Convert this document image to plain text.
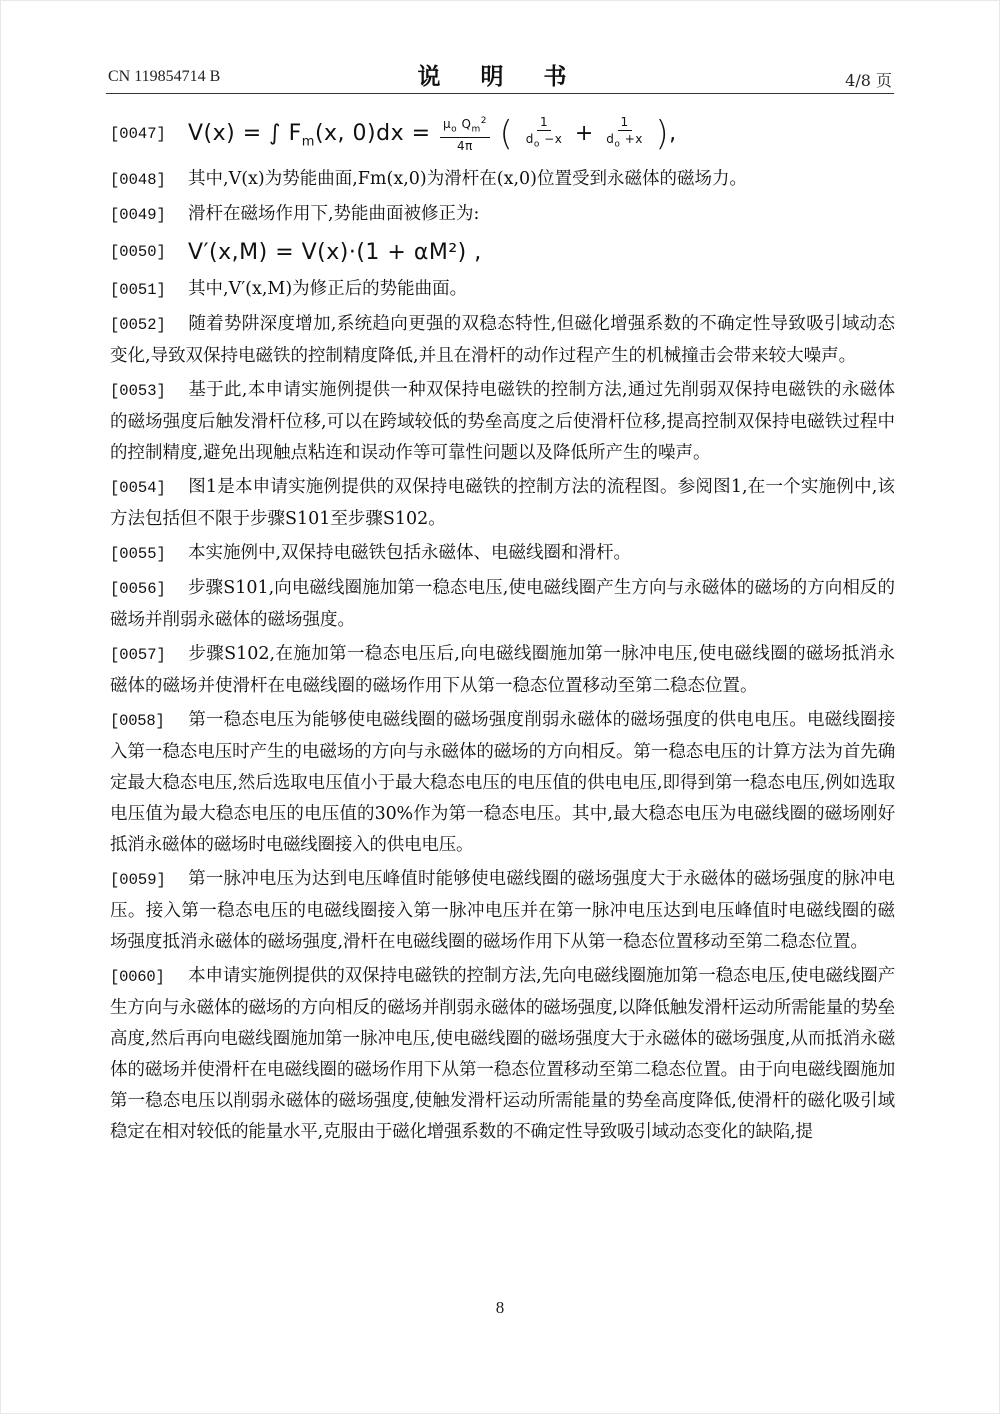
CN 119854714 B	说 明 书	4/8 页
[0047]	V(x) = ∫ $F_m(x$, $0)dx = \frac{\mu_o Q_m^2}{4\pi}$ ( $\frac{1}{d_o -x} + \frac{1}{d_o +x}$ ),
[0048] 其中,V(x)为势能曲面,Fm(x,0)为滑杆在(x,0)位置受到永磁体的磁场力。
[0049] 滑杆在磁场作用下,势能曲面被修正为:
[0050]	V′(x,M) = V(x)·(1 + αM²) ,
[0051] 其中,V′(x,M)为修正后的势能曲面。
[0052] 随着势阱深度增加,系统趋向更强的双稳态特性,但磁化增强系数的不确定性导致吸引域动态变化,导致双保持电磁铁的控制精度降低,并且在滑杆的动作过程产生的机械撞击会带来较大噪声。
[0053] 基于此,本申请实施例提供一种双保持电磁铁的控制方法,通过先削弱双保持电磁铁的永磁体的磁场强度后触发滑杆位移,可以在跨域较低的势垒高度之后使滑杆位移,提高控制双保持电磁铁过程中的控制精度,避免出现触点粘连和误动作等可靠性问题以及降低所产生的噪声。
[0054] 图1是本申请实施例提供的双保持电磁铁的控制方法的流程图。参阅图1,在一个实施例中,该方法包括但不限于步骤S101至步骤S102。
[0055] 本实施例中,双保持电磁铁包括永磁体、电磁线圈和滑杆。
[0056] 步骤S101,向电磁线圈施加第一稳态电压,使电磁线圈产生方向与永磁体的磁场的方向相反的磁场并削弱永磁体的磁场强度。
[0057] 步骤S102,在施加第一稳态电压后,向电磁线圈施加第一脉冲电压,使电磁线圈的磁场抵消永磁体的磁场并使滑杆在电磁线圈的磁场作用下从第一稳态位置移动至第二稳态位置。
[0058] 第一稳态电压为能够使电磁线圈的磁场强度削弱永磁体的磁场强度的供电电压。电磁线圈接入第一稳态电压时产生的电磁场的方向与永磁体的磁场的方向相反。第一稳态电压的计算方法为首先确定最大稳态电压,然后选取电压值小于最大稳态电压的电压值的供电电压,即得到第一稳态电压,例如选取电压值为最大稳态电压的电压值的30%作为第一稳态电压。其中,最大稳态电压为电磁线圈的磁场刚好抵消永磁体的磁场时电磁线圈接入的供电电压。
[0059] 第一脉冲电压为达到电压峰值时能够使电磁线圈的磁场强度大于永磁体的磁场强度的脉冲电压。接入第一稳态电压的电磁线圈接入第一脉冲电压并在第一脉冲电压达到电压峰值时电磁线圈的磁场强度抵消永磁体的磁场强度,滑杆在电磁线圈的磁场作用下从第一稳态位置移动至第二稳态位置。
[0060] 本申请实施例提供的双保持电磁铁的控制方法,先向电磁线圈施加第一稳态电压,使电磁线圈产生方向与永磁体的磁场的方向相反的磁场并削弱永磁体的磁场强度,以降低触发滑杆运动所需能量的势垒高度,然后再向电磁线圈施加第一脉冲电压,使电磁线圈的磁场强度大于永磁体的磁场强度,从而抵消永磁体的磁场并使滑杆在电磁线圈的磁场作用下从第一稳态位置移动至第二稳态位置。由于向电磁线圈施加第一稳态电压以削弱永磁体的磁场强度,使触发滑杆运动所需能量的势垒高度降低,使滑杆的磁化吸引域稳定在相对较低的能量水平,克服由于磁化增强系数的不确定性导致吸引域动态变化的缺陷,提
8
